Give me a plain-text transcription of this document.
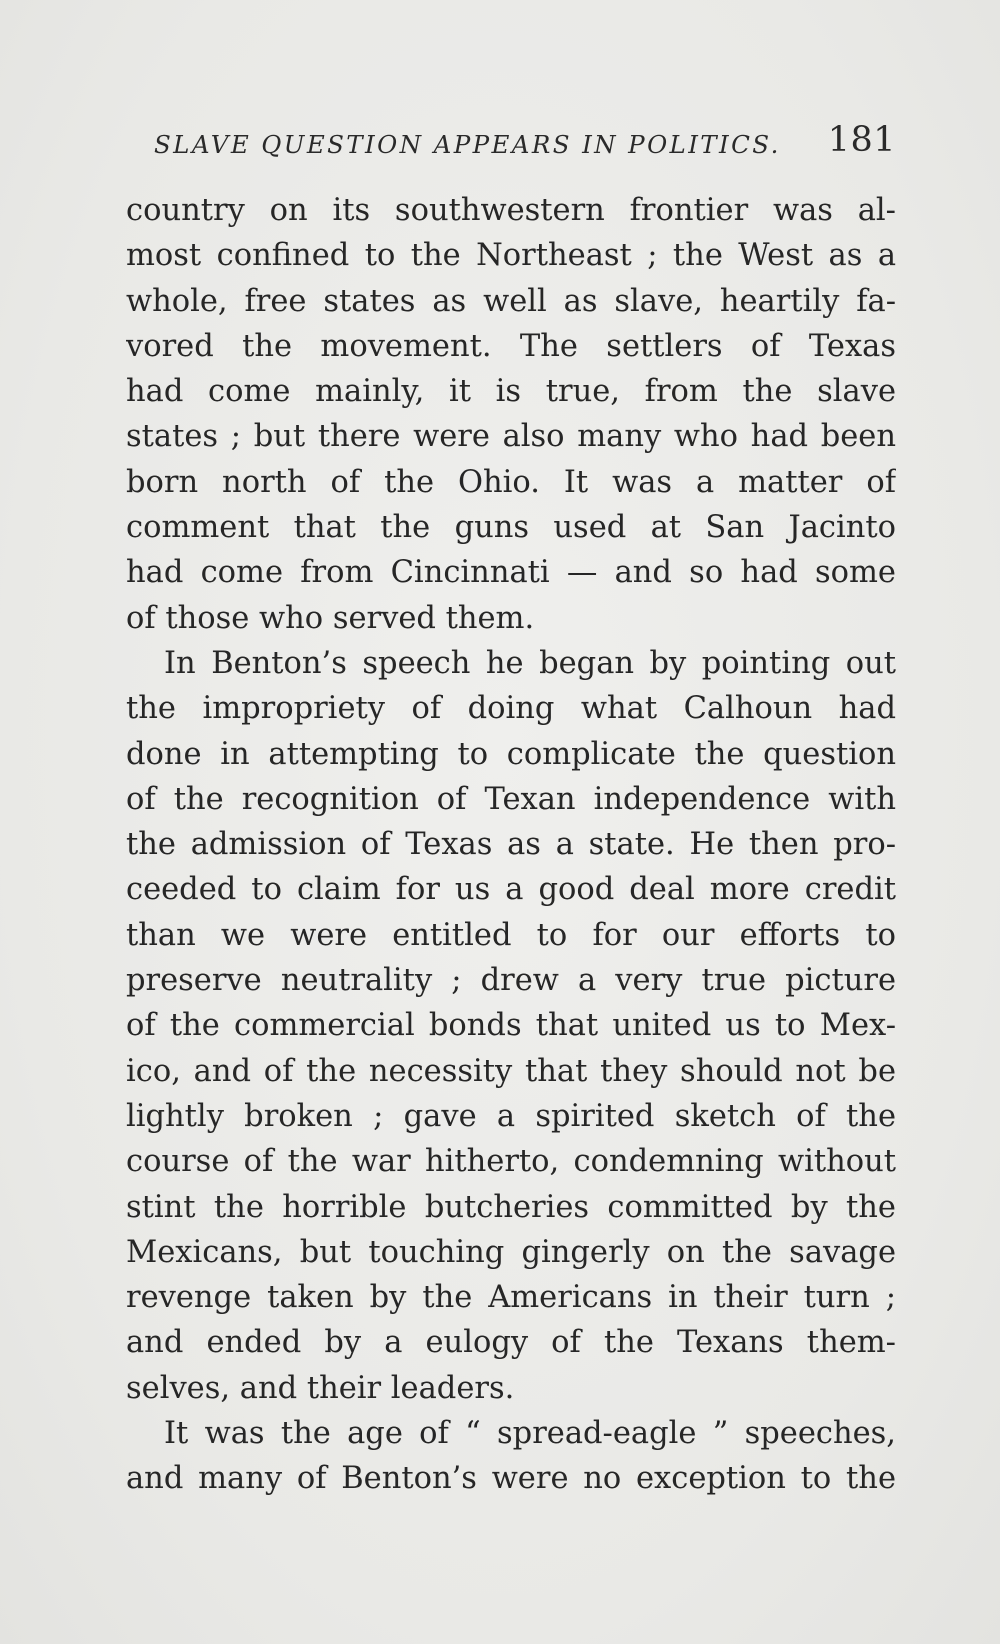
SLAVE QUESTION APPEARS IN POLITICS. 181
country on its southwestern frontier was al-
most confined to the Northeast ; the West as a
whole, free states as well as slave, heartily fa-
vored the movement. The settlers of Texas
had come mainly, it is true, from the slave
states ; but there were also many who had been
born north of the Ohio. It was a matter of
comment that the guns used at San Jacinto
had come from Cincinnati — and so had some
of those who served them.
In Benton’s speech he began by pointing out
the impropriety of doing what Calhoun had
done in attempting to complicate the question
of the recognition of Texan independence with
the admission of Texas as a state. He then pro-
ceeded to claim for us a good deal more credit
than we were entitled to for our efforts to
preserve neutrality ; drew a very true picture
of the commercial bonds that united us to Mex-
ico, and of the necessity that they should not be
lightly broken ; gave a spirited sketch of the
course of the war hitherto, condemning without
stint the horrible butcheries committed by the
Mexicans, but touching gingerly on the savage
revenge taken by the Americans in their turn ;
and ended by a eulogy of the Texans them-
selves, and their leaders.
It was the age of “ spread-eagle ” speeches,
and many of Benton’s were no exception to the
